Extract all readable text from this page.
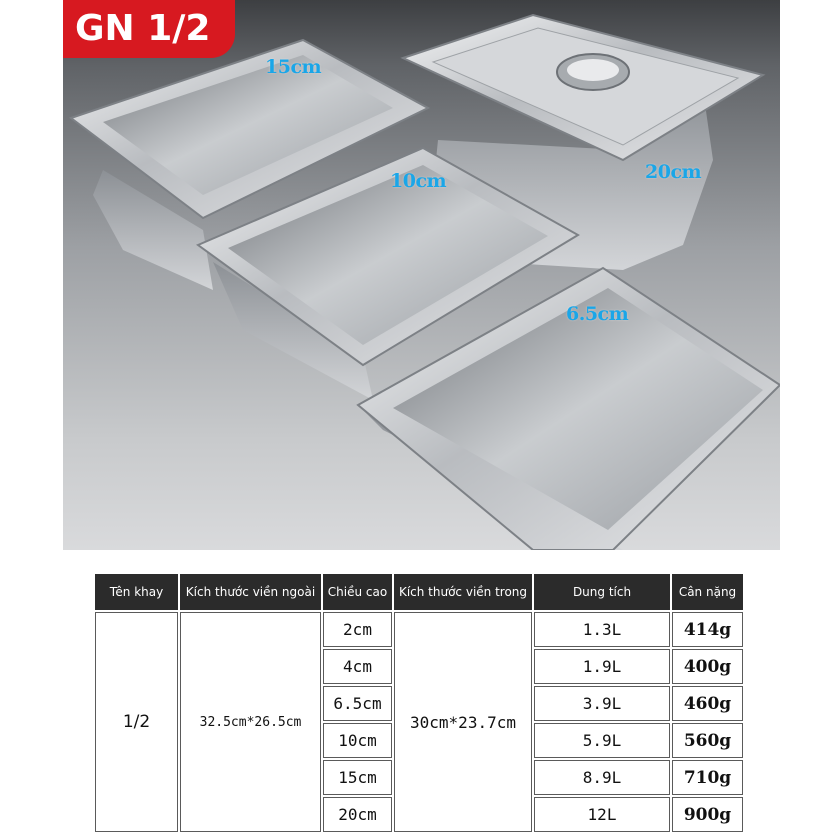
GN 1/2
15cm
10cm	20cm
6.5cm
Tên khay	Kích thước viền ngoài	Chiều cao	Kích thước viền trong	Dung tích	Cân nặng
1/2	32.5cm*26.5cm	2cm	30cm*23.7cm	1.3L	414g
		4cm		1.9L	400g
		6.5cm		3.9L	460g
		10cm		5.9L	560g
		15cm		8.9L	710g
		20cm		12L	900g
